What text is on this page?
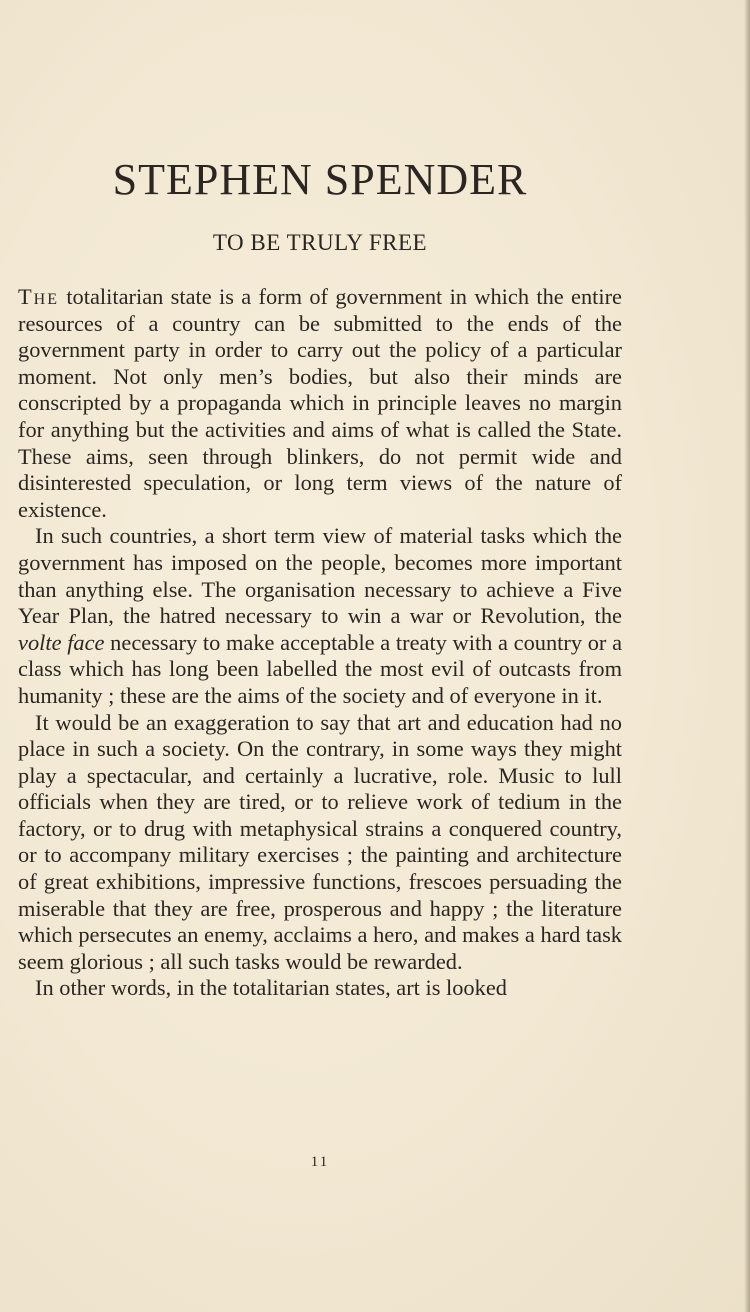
STEPHEN SPENDER
TO BE TRULY FREE

The totalitarian state is a form of government in which the entire resources of a country can be submitted to the ends of the government party in order to carry out the policy of a particular moment. Not only men’s bodies, but also their minds are conscripted by a propaganda which in principle leaves no margin for anything but the activities and aims of what is called the State. These aims, seen through blinkers, do not permit wide and disinterested speculation, or long term views of the nature of existence.

In such countries, a short term view of material tasks which the government has imposed on the people, becomes more important than anything else. The organisation necessary to achieve a Five Year Plan, the hatred necessary to win a war or Revolution, the volte face necessary to make acceptable a treaty with a country or a class which has long been labelled the most evil of outcasts from humanity ; these are the aims of the society and of everyone in it.

It would be an exaggeration to say that art and education had no place in such a society. On the contrary, in some ways they might play a spectacular, and certainly a lucrative, role. Music to lull officials when they are tired, or to relieve work of tedium in the factory, or to drug with metaphysical strains a conquered country, or to accompany military exercises ; the painting and architecture of great exhibitions, impressive functions, frescoes persuading the miserable that they are free, prosperous and happy ; the literature which persecutes an enemy, acclaims a hero, and makes a hard task seem glorious ; all such tasks would be rewarded.

In other words, in the totalitarian states, art is looked

11
